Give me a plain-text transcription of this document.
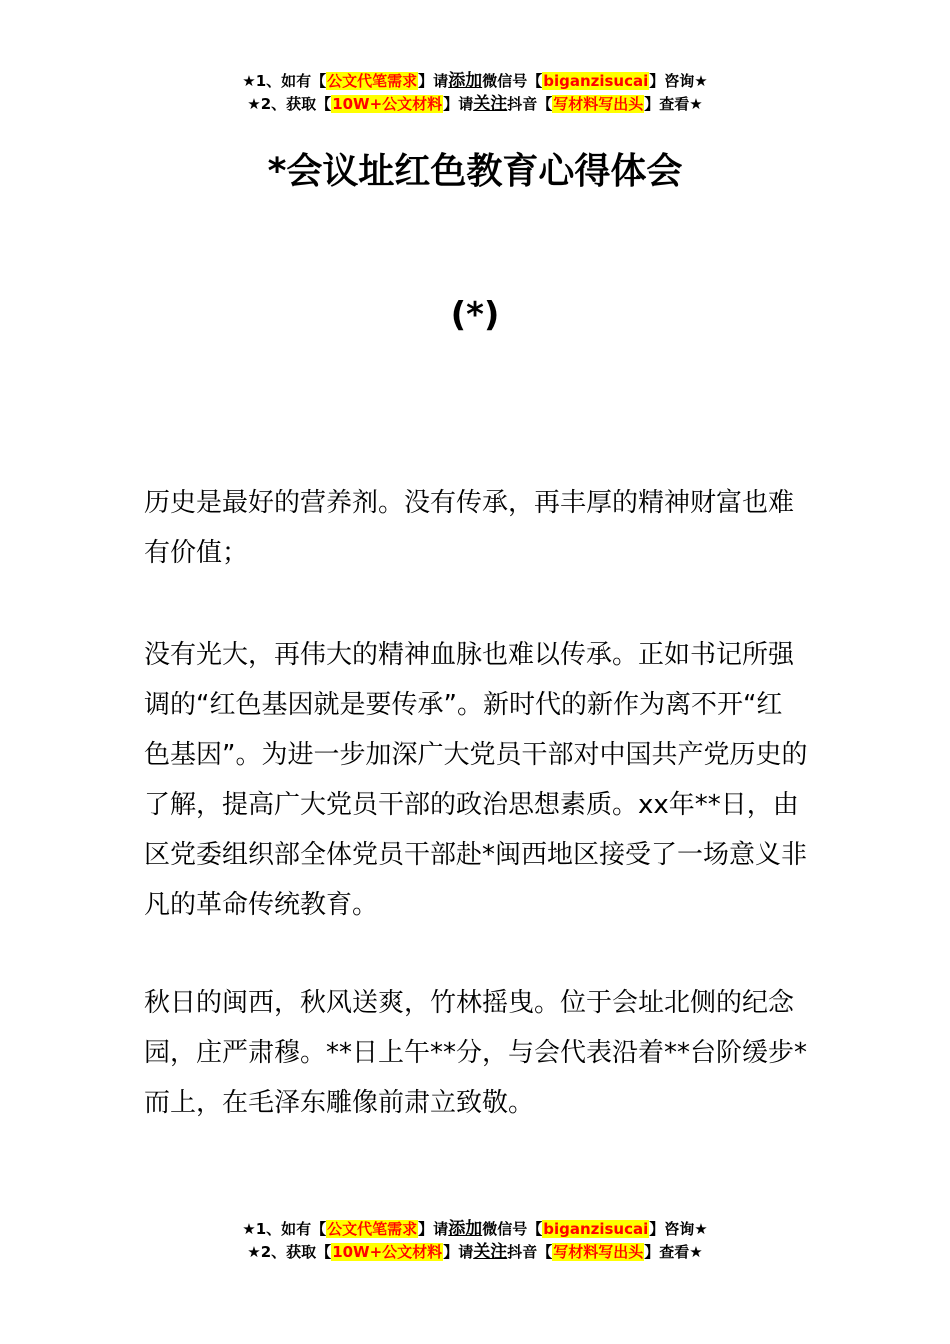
★1、如有【公文代笔需求】请添加微信号【biganzisucai】咨询★
★2、获取【10W+公文材料】请关注抖音【写材料写出头】查看★
*会议址红色教育心得体会
(*)

历史是最好的营养剂。没有传承，再丰厚的精神财富也难有价值；

没有光大，再伟大的精神血脉也难以传承。正如书记所强调的“红色基因就是要传承”。新时代的新作为离不开“红色基因”。为进一步加深广大党员干部对中国共产党历史的了解，提高广大党员干部的政治思想素质。xx年**日，由区党委组织部全体党员干部赴*闽西地区接受了一场意义非凡的革命传统教育。

秋日的闽西，秋风送爽，竹林摇曳。位于会址北侧的纪念园，庄严肃穆。**日上午**分，与会代表沿着**台阶缓步*而上，在毛泽东雕像前肃立致敬。

★1、如有【公文代笔需求】请添加微信号【biganzisucai】咨询★
★2、获取【10W+公文材料】请关注抖音【写材料写出头】查看★
